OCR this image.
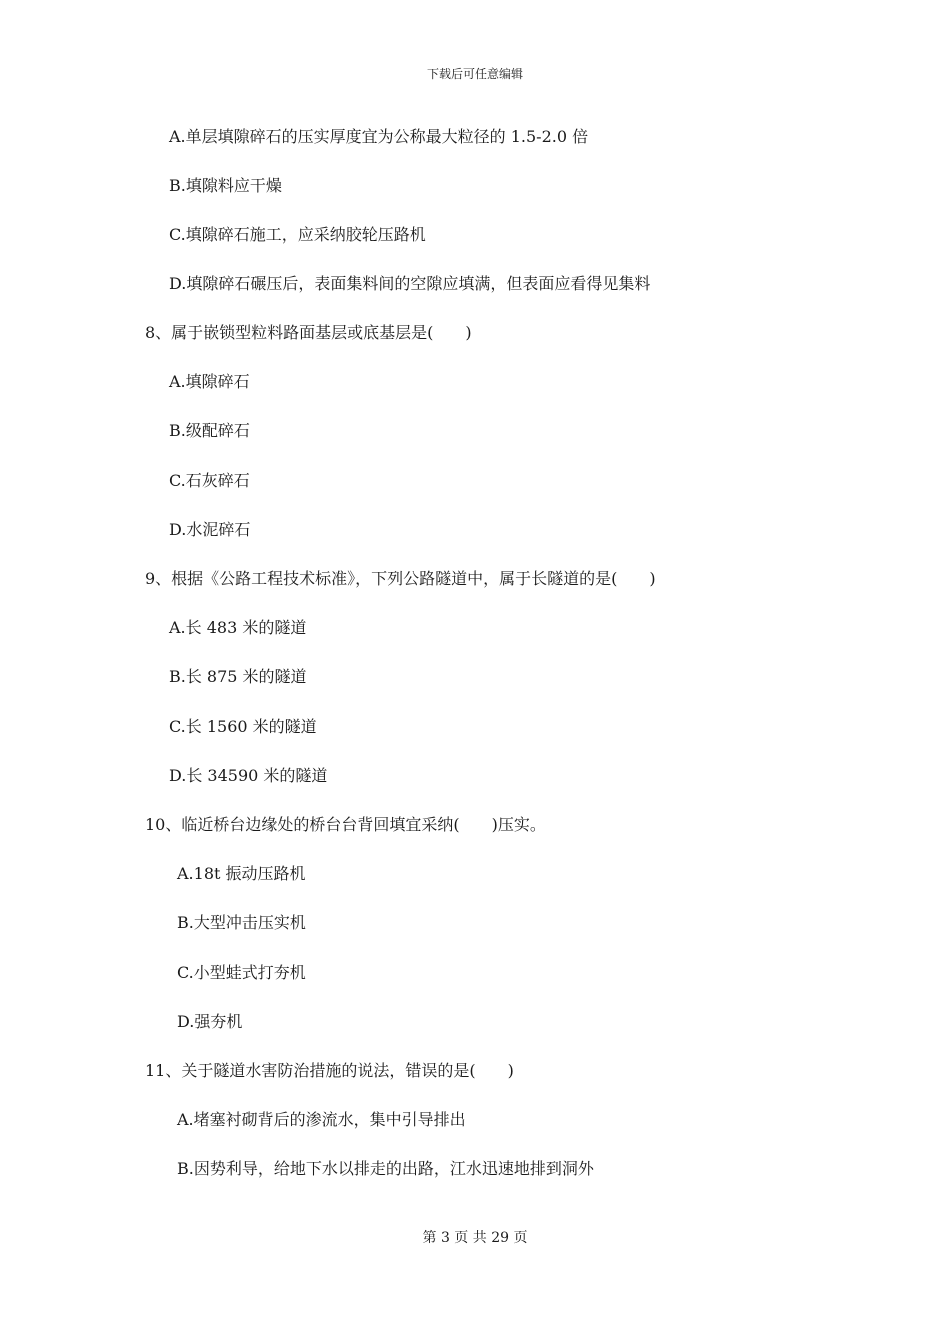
下载后可任意编辑
A.单层填隙碎石的压实厚度宜为公称最大粒径的 1.5-2.0 倍
B.填隙料应干燥
C.填隙碎石施工，应采纳胶轮压路机
D.填隙碎石碾压后，表面集料间的空隙应填满，但表面应看得见集料
8、属于嵌锁型粒料路面基层或底基层是(　　)
A.填隙碎石
B.级配碎石
C.石灰碎石
D.水泥碎石
9、根据《公路工程技术标准》，下列公路隧道中，属于长隧道的是(　　)
A.长 483 米的隧道
B.长 875 米的隧道
C.长 1560 米的隧道
D.长 34590 米的隧道
10、临近桥台边缘处的桥台台背回填宜采纳(　　)压实。
A.18t 振动压路机
B.大型冲击压实机
C.小型蛙式打夯机
D.强夯机
11、关于隧道水害防治措施的说法，错误的是(　　)
A.堵塞衬砌背后的渗流水，集中引导排出
B.因势利导，给地下水以排走的出路，江水迅速地排到洞外
第 3 页 共 29 页
